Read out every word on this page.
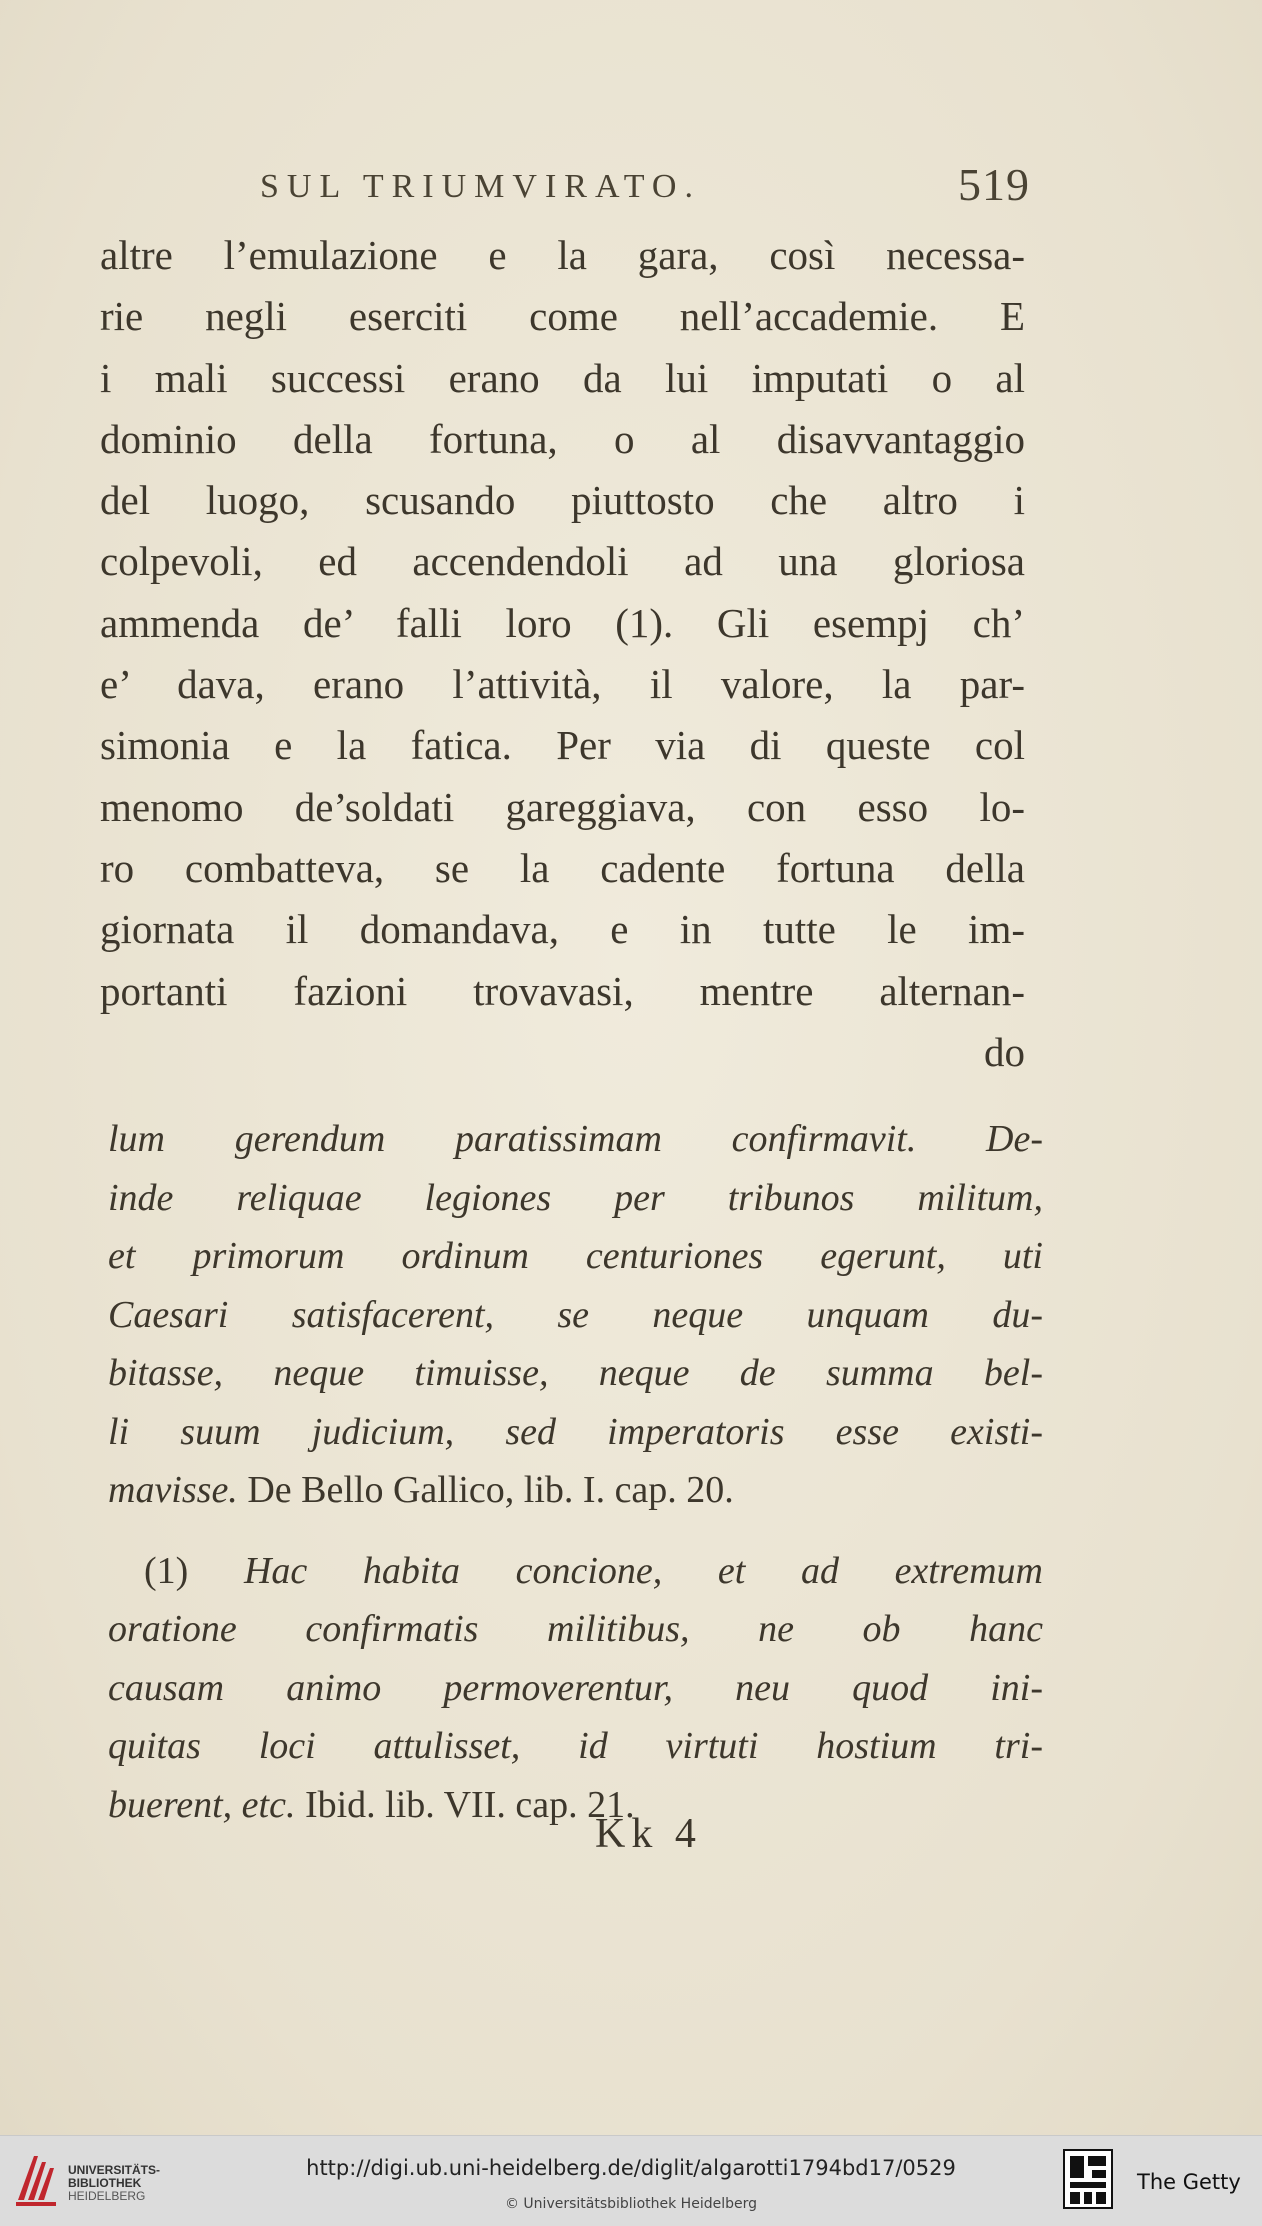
SUL TRIUMVIRATO.	519
altre l’emulazione e la gara, così necessa-
rie negli eserciti come nell’accademie. E
i mali successi erano da lui imputati o al
dominio della fortuna, o al disavvantaggio
del luogo, scusando piuttosto che altro i
colpevoli, ed accendendoli ad una gloriosa
ammenda de’ falli loro (1). Gli esempj ch’
e’ dava, erano l’attività, il valore, la par-
simonia e la fatica. Per via di queste col
menomo de’soldati gareggiava, con esso lo-
ro combatteva, se la cadente fortuna della
giornata il domandava, e in tutte le im-
portanti fazioni trovavasi, mentre alternan-
do
lum gerendum paratissimam confirmavit. De-
inde reliquae legiones per tribunos militum,
et primorum ordinum centuriones egerunt, uti
Caesari satisfacerent, se neque unquam du-
bitasse, neque timuisse, neque de summa bel-
li suum judicium, sed imperatoris esse existi-
mavisse. De Bello Gallico, lib. I. cap. 20.
(1) Hac habita concione, et ad extremum
oratione confirmatis militibus, ne ob hanc
causam animo permoverentur, neu quod ini-
quitas loci attulisset, id virtuti hostium tri-
buerent, etc. Ibid. lib. VII. cap. 21.
Kk 4
UNIVERSITÄTS-
BIBLIOTHEK
HEIDELBERG
http://digi.ub.uni-heidelberg.de/diglit/algarotti1794bd17/0529
© Universitätsbibliothek Heidelberg
The Getty
